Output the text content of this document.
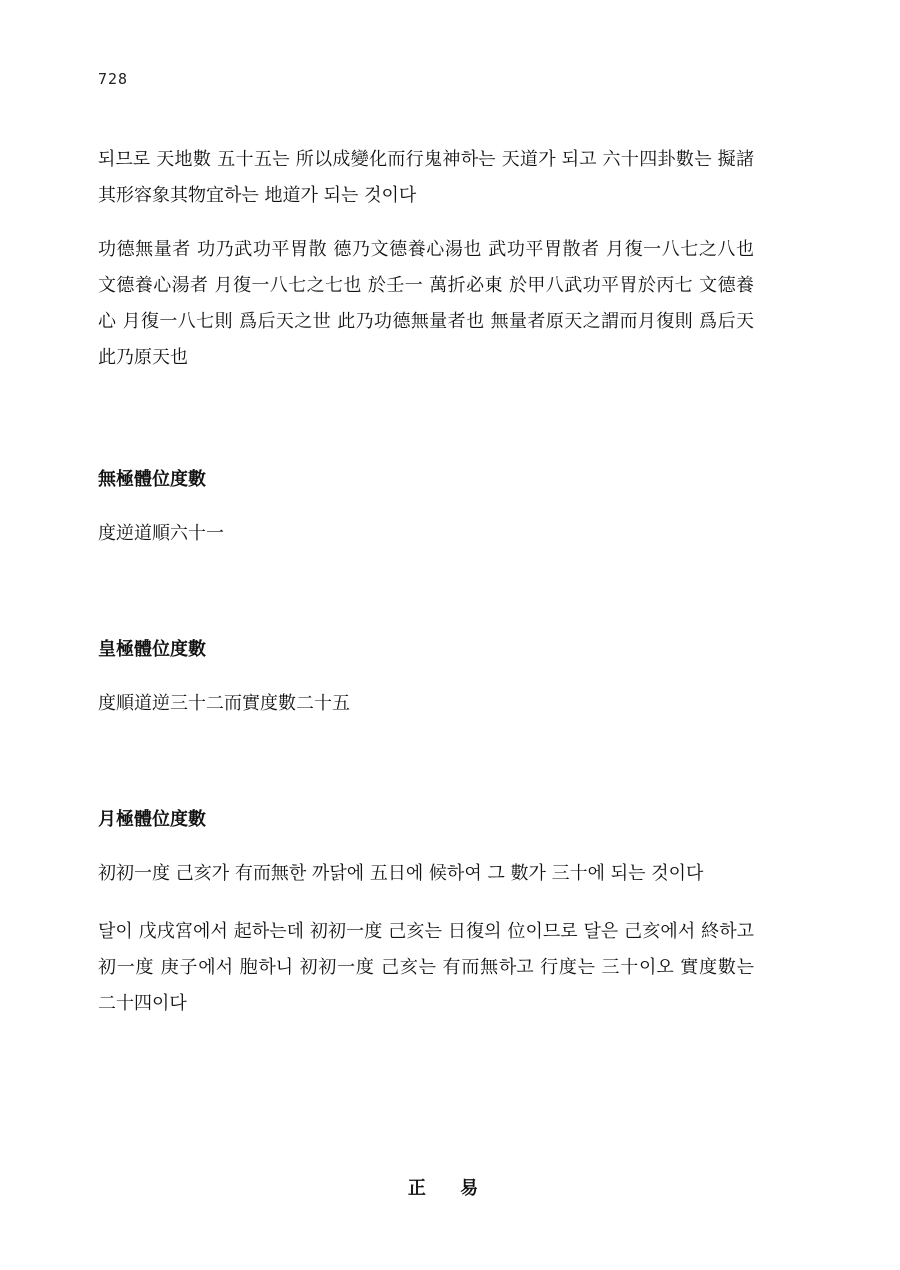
728

되므로 天地數 五十五는 所以成變化而行鬼神하는 天道가 되고 六十四卦數는 擬諸其形容象其物宜하는 地道가 되는 것이다

功德無量者 功乃武功平胃散 德乃文德養心湯也 武功平胃散者 月復一八七之八也 文德養心湯者 月復一八七之七也 於壬一 萬折必東 於甲八武功平胃於丙七 文德養心 月復一八七則 爲后天之世 此乃功德無量者也 無量者原天之謂而月復則 爲后天 此乃原天也

無極體位度數

度逆道順六十一

皇極體位度數

度順道逆三十二而實度數二十五

月極體位度數

初初一度 己亥가 有而無한 까닭에 五日에 候하여 그 數가 三十에 되는 것이다

달이 戊戌宮에서 起하는데 初初一度 己亥는 日復의 位이므로 달은 己亥에서 終하고 初一度 庚子에서 胞하니 初初一度 己亥는 有而無하고 行度는 三十이오 實度數는 二十四이다

正 易
